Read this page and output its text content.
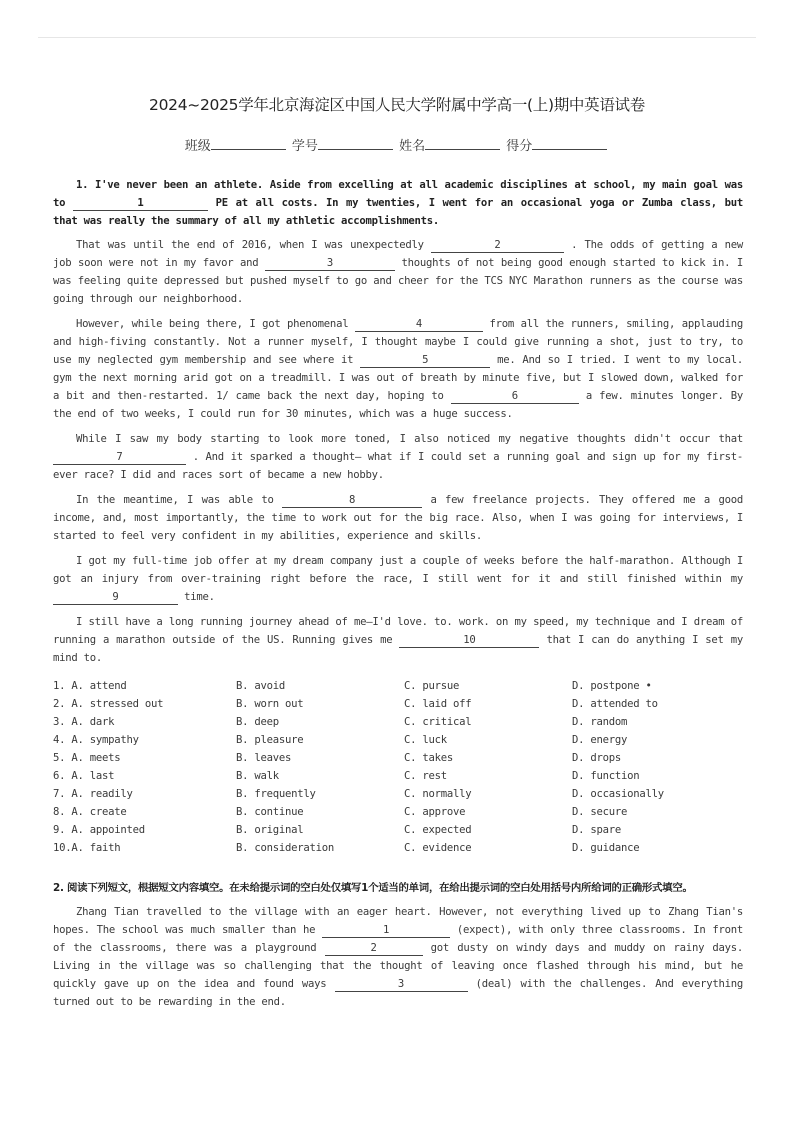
2024~2025学年北京海淀区中国人民大学附属中学高一(上)期中英语试卷
班级	学号	姓名	得分
1. I've never been an athlete. Aside from excelling at all academic disciplines at school, my main goal was to	1	PE at all costs. In my twenties, I went for an occasional yoga or Zumba class, but that was really the summary of all my athletic accomplishments.

That was until the end of 2016, when I was unexpectedly	2	. The odds of getting a new job soon were not in my favor and	3	thoughts of not being good enough started to kick in. I was feeling quite depressed but pushed myself to go and cheer for the TCS NYC Marathon runners as the course was going through our neighborhood.

However, while being there, I got phenomenal	4	from all the runners, smiling, applauding and high-fiving constantly. Not a runner myself, I thought maybe I could give running a shot, just to try, to use my neglected gym membership and see where it	5	me. And so I tried. I went to my local. gym the next morning arid got on a treadmill. I was out of breath by minute five, but I slowed down, walked for a bit and then-restarted. 1/ came back the next day, hoping to	6	a few. minutes longer. By the end of two weeks, I could run for 30 minutes, which was a huge success.

While I saw my body starting to look more toned, I also noticed my negative thoughts didn't occur that 7	. And it sparked a thought— what if I could set a running goal and sign up for my first-ever race? I did and races sort of became a new hobby.

In the meantime, I was able to	8	a few freelance projects. They offered me a good income, and, most importantly, the time to work out for the big race. Also, when I was going for interviews, I started to feel very confident in my abilities, experience and skills.

I got my full-time job offer at my dream company just a couple of weeks before the half-marathon. Although I got an injury from over-training right before the race, I still went for it and still finished within my 9	time.

I still have a long running journey ahead of me—I'd love. to. work. on my speed, my technique and I dream of running a marathon outside of the US. Running gives me	10	that I can do anything I set my mind to.

1. A. attend	B. avoid	C. pursue	D. postpone •
2. A. stressed out	B. worn out	C. laid off	D. attended to
3. A. dark	B. deep	C. critical	D. random
4. A. sympathy	B. pleasure	C. luck	D. energy
5. A. meets	B. leaves	C. takes	D. drops
6. A. last	B. walk	C. rest	D. function
7. A. readily	B. frequently	C. normally	D. occasionally
8. A. create	B. continue	C. approve	D. secure
9. A. appointed	B. original	C. expected	D. spare
10.A. faith	B. consideration	C. evidence	D. guidance
2. 阅读下列短文，根据短文内容填空。在未给提示词的空白处仅填写1个适当的单词，在给出提示词的空白处用括号内所给词的正确形式填空。

Zhang Tian travelled to the village with an eager heart. However, not everything lived up to Zhang Tian's hopes. The school was much smaller than he	1	(expect), with only three classrooms. In front of the classrooms, there was a playground	2	got dusty on windy days and muddy on rainy days. Living in the village was so challenging that the thought of leaving once flashed through his mind, but he quickly gave up on the idea and found ways	3	(deal) with the challenges. And everything turned out to be rewarding in the end.
